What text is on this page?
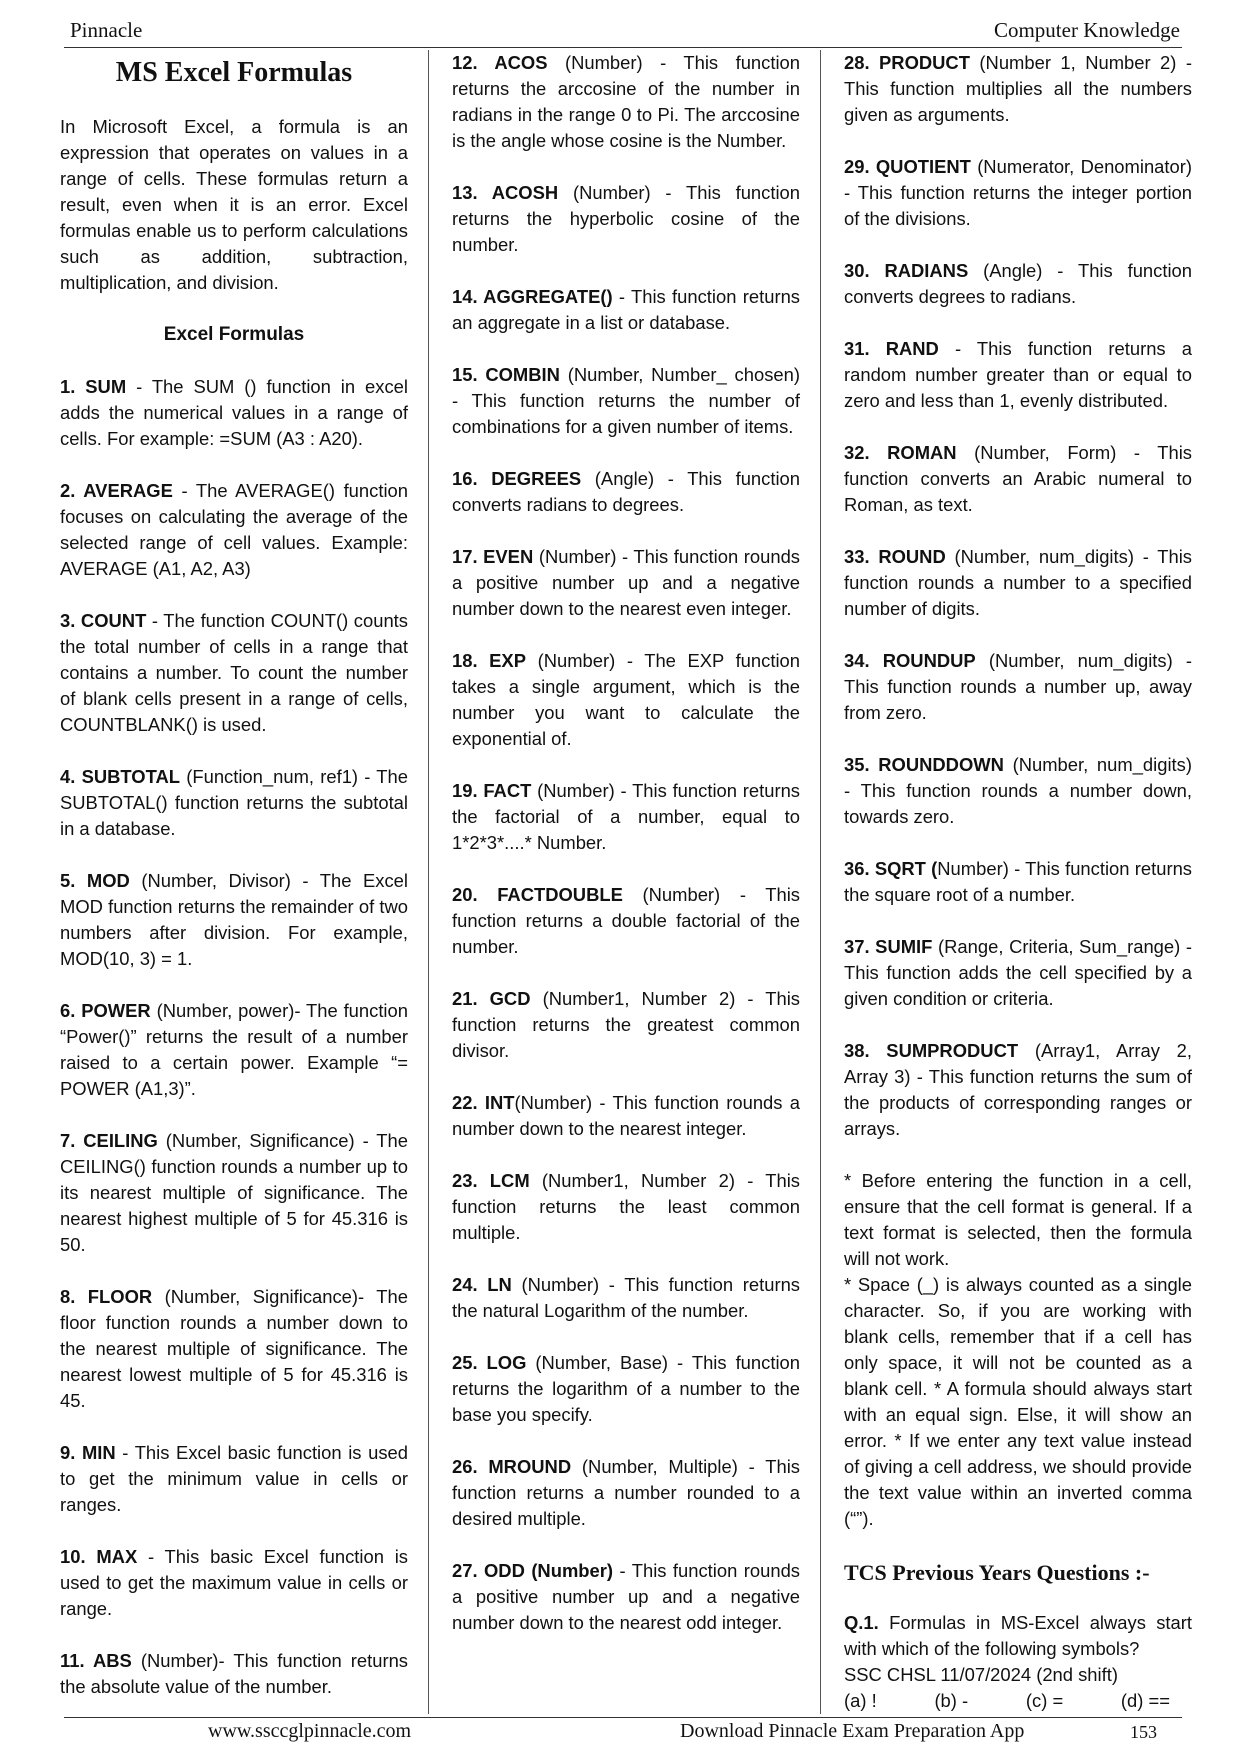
Pinnacle	Computer Knowledge
MS Excel Formulas

In Microsoft Excel, a formula is an expression that operates on values in a range of cells. These formulas return a result, even when it is an error. Excel formulas enable us to perform calculations such as addition, subtraction, multiplication, and division.

Excel Formulas

1. SUM - The SUM () function in excel adds the numerical values in a range of cells. For example: =SUM (A3 : A20).

2. AVERAGE - The AVERAGE() function focuses on calculating the average of the selected range of cell values. Example: AVERAGE (A1, A2, A3)

3. COUNT - The function COUNT() counts the total number of cells in a range that contains a number. To count the number of blank cells present in a range of cells, COUNTBLANK() is used.

4. SUBTOTAL (Function_num, ref1) - The SUBTOTAL() function returns the subtotal in a database.

5. MOD (Number, Divisor) - The Excel MOD function returns the remainder of two numbers after division. For example, MOD(10, 3) = 1.

6. POWER (Number, power)- The function “Power()” returns the result of a number raised to a certain power. Example “= POWER (A1,3)”.

7. CEILING (Number, Significance) - The CEILING() function rounds a number up to its nearest multiple of significance. The nearest highest multiple of 5 for 45.316 is 50.

8. FLOOR (Number, Significance)- The floor function rounds a number down to the nearest multiple of significance. The nearest lowest multiple of 5 for 45.316 is 45.

9. MIN - This Excel basic function is used to get the minimum value in cells or ranges.

10. MAX - This basic Excel function is used to get the maximum value in cells or range.

11. ABS (Number)- This function returns the absolute value of the number.

12. ACOS (Number) - This function returns the arccosine of the number in radians in the range 0 to Pi. The arccosine is the angle whose cosine is the Number.

13. ACOSH (Number) - This function returns the hyperbolic cosine of the number.

14. AGGREGATE() - This function returns an aggregate in a list or database.

15. COMBIN (Number, Number_ chosen) - This function returns the number of combinations for a given number of items.

16. DEGREES (Angle) - This function converts radians to degrees.

17. EVEN (Number) - This function rounds a positive number up and a negative number down to the nearest even integer.

18. EXP (Number) - The EXP function takes a single argument, which is the number you want to calculate the exponential of.

19. FACT (Number) - This function returns the factorial of a number, equal to 1*2*3*....* Number.

20. FACTDOUBLE (Number) - This function returns a double factorial of the number.

21. GCD (Number1, Number 2) - This function returns the greatest common divisor.

22. INT(Number) - This function rounds a number down to the nearest integer.

23. LCM (Number1, Number 2) - This function returns the least common multiple.

24. LN (Number) - This function returns the natural Logarithm of the number.

25. LOG (Number, Base) - This function returns the logarithm of a number to the base you specify.

26. MROUND (Number, Multiple) - This function returns a number rounded to a desired multiple.

27. ODD (Number) - This function rounds a positive number up and a negative number down to the nearest odd integer.

28. PRODUCT (Number 1, Number 2) - This function multiplies all the numbers given as arguments.

29. QUOTIENT (Numerator, Denominator) - This function returns the integer portion of the divisions.

30. RADIANS (Angle) - This function converts degrees to radians.

31. RAND - This function returns a random number greater than or equal to zero and less than 1, evenly distributed.

32. ROMAN (Number, Form) - This function converts an Arabic numeral to Roman, as text.

33. ROUND (Number, num_digits) - This function rounds a number to a specified number of digits.

34. ROUNDUP (Number, num_digits) - This function rounds a number up, away from zero.

35. ROUNDDOWN (Number, num_digits) - This function rounds a number down, towards zero.

36. SQRT (Number) - This function returns the square root of a number.

37. SUMIF (Range, Criteria, Sum_range) - This function adds the cell specified by a given condition or criteria.

38. SUMPRODUCT (Array1, Array 2, Array 3) - This function returns the sum of the products of corresponding ranges or arrays.

* Before entering the function in a cell, ensure that the cell format is general. If a text format is selected, then the formula will not work.

* Space (_) is always counted as a single character. So, if you are working with blank cells, remember that if a cell has only space, it will not be counted as a blank cell. * A formula should always start with an equal sign. Else, it will show an error. * If we enter any text value instead of giving a cell address, we should provide the text value within an inverted comma (“”).

TCS Previous Years Questions :-
Q.1. Formulas in MS-Excel always start with which of the following symbols?
SSC CHSL 11/07/2024 (2nd shift)
(a) !	(b) -	(c) =	(d) ==
www.ssccglpinnacle.com	Download Pinnacle Exam Preparation App	153
